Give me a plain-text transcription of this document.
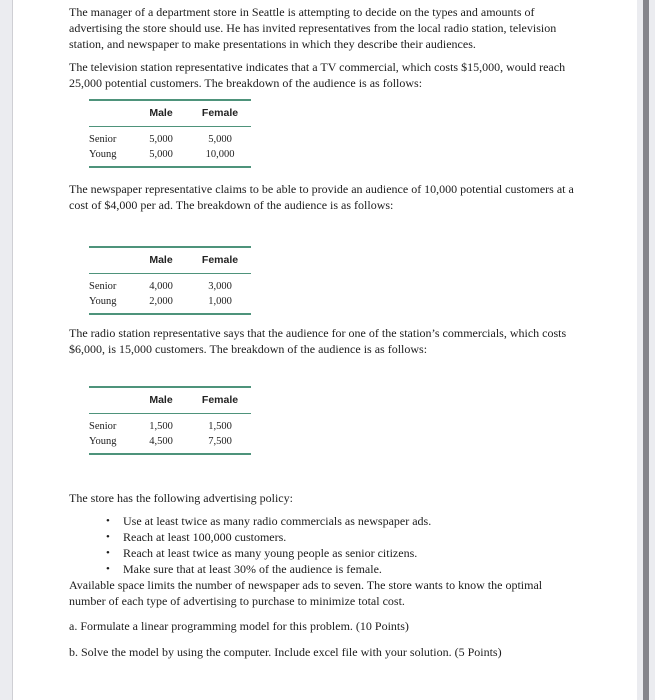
The manager of a department store in Seattle is attempting to decide on the types and amounts of advertising the store should use. He has invited representatives from the local radio station, television station, and newspaper to make presentations in which they describe their audiences.

The television station representative indicates that a TV commercial, which costs $15,000, would reach 25,000 potential customers. The breakdown of the audience is as follows:

	Male	Female
Senior	5,000	5,000
Young	5,000	10,000

The newspaper representative claims to be able to provide an audience of 10,000 potential customers at a cost of $4,000 per ad. The breakdown of the audience is as follows:

	Male	Female
Senior	4,000	3,000
Young	2,000	1,000

The radio station representative says that the audience for one of the station’s commercials, which costs $6,000, is 15,000 customers. The breakdown of the audience is as follows:

	Male	Female
Senior	1,500	1,500
Young	4,500	7,500

The store has the following advertising policy:

• Use at least twice as many radio commercials as newspaper ads.
• Reach at least 100,000 customers.
• Reach at least twice as many young people as senior citizens.
• Make sure that at least 30% of the audience is female.

Available space limits the number of newspaper ads to seven. The store wants to know the optimal number of each type of advertising to purchase to minimize total cost.

a. Formulate a linear programming model for this problem. (10 Points)

b. Solve the model by using the computer. Include excel file with your solution. (5 Points)
